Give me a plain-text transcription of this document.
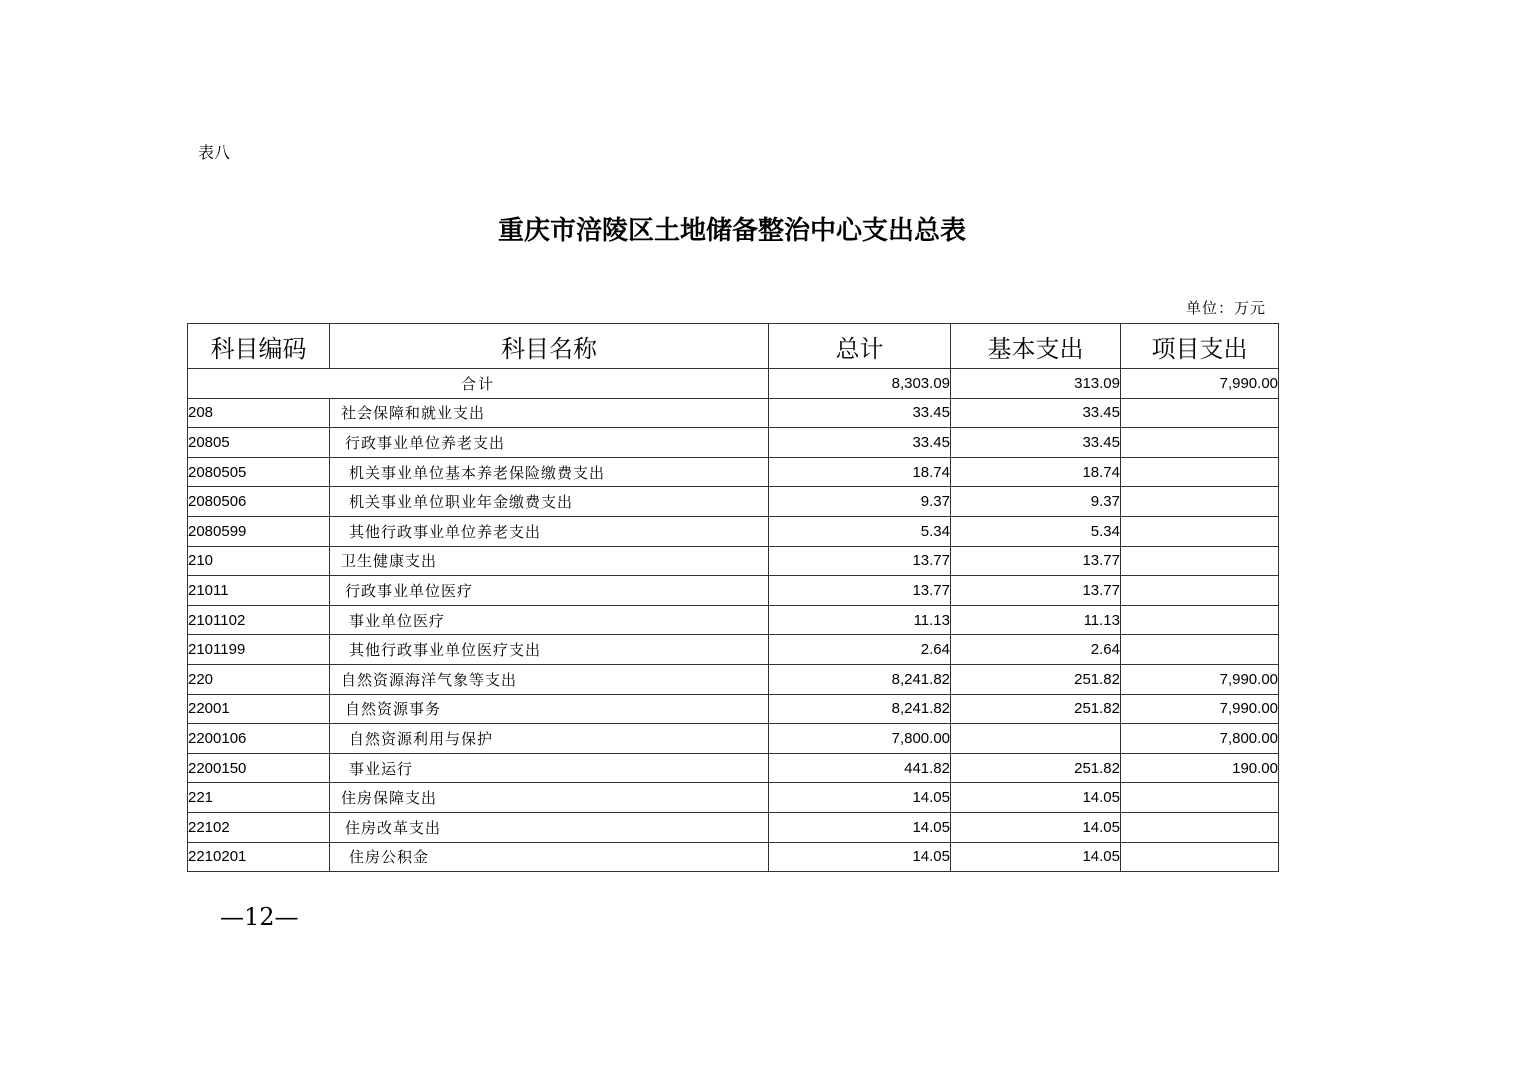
表八
重庆市涪陵区土地储备整治中心支出总表
单位：万元
科目编码	科目名称	总计	基本支出	项目支出
合计		8,303.09	313.09	7,990.00
208	社会保障和就业支出	33.45	33.45	
20805	行政事业单位养老支出	33.45	33.45	
2080505	机关事业单位基本养老保险缴费支出	18.74	18.74	
2080506	机关事业单位职业年金缴费支出	9.37	9.37	
2080599	其他行政事业单位养老支出	5.34	5.34	
210	卫生健康支出	13.77	13.77	
21011	行政事业单位医疗	13.77	13.77	
2101102	事业单位医疗	11.13	11.13	
2101199	其他行政事业单位医疗支出	2.64	2.64	
220	自然资源海洋气象等支出	8,241.82	251.82	7,990.00
22001	自然资源事务	8,241.82	251.82	7,990.00
2200106	自然资源利用与保护	7,800.00		7,800.00
2200150	事业运行	441.82	251.82	190.00
221	住房保障支出	14.05	14.05	
22102	住房改革支出	14.05	14.05	
2210201	住房公积金	14.05	14.05	
—12—
